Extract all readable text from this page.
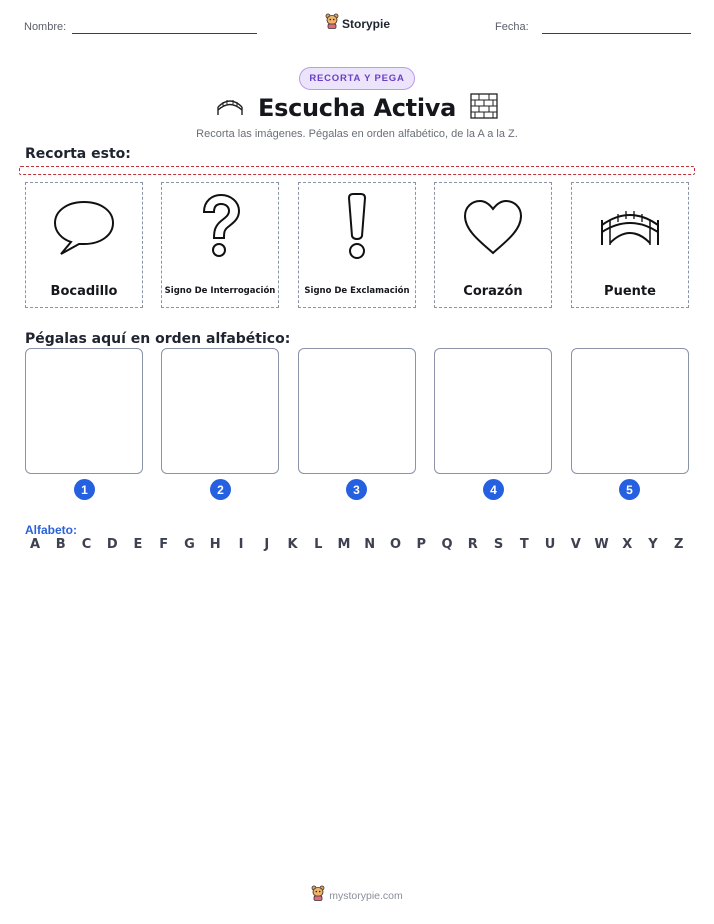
Nombre:	Storypie	Fecha:
RECORTA Y PEGA
Escucha Activa
Recorta las imágenes. Pégalas en orden alfabético, de la A a la Z.
Recorta esto:
Bocadillo	Signo De Interrogación	Signo De Exclamación	Corazón	Puente
Pégalas aquí en orden alfabético:
1	2	3	4	5
Alfabeto:
A	B	C	D	E	F	G	H	I	J	K	L	M	N	O	P	Q	R	S	T	U	V	W	X	Y	Z
mystorypie.com
